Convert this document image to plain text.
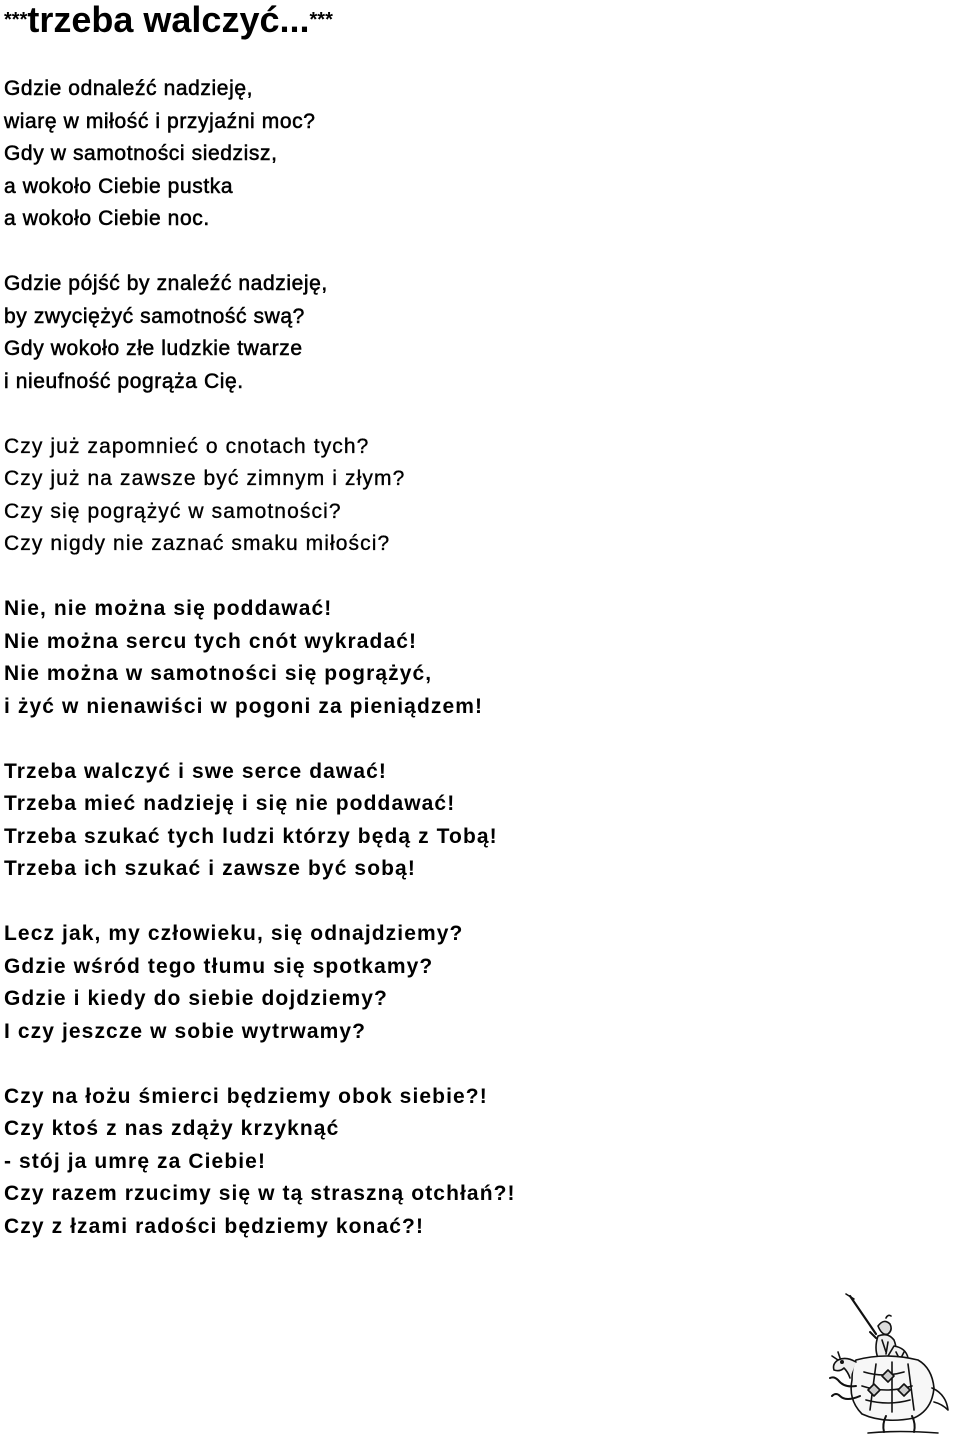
***trzeba walczyć...***
Gdzie odnaleźć nadzieję,
wiarę w miłość i przyjaźni moc?
Gdy w samotności siedzisz,
a wokoło Ciebie pustka
a wokoło Ciebie noc.
Gdzie pójść by znaleźć nadzieję,
by zwyciężyć samotność swą?
Gdy wokoło złe ludzkie twarze
i nieufność pogrąża Cię.
Czy już zapomnieć o cnotach tych?
Czy już na zawsze być zimnym i złym?
Czy się pogrążyć w samotności?
Czy nigdy nie zaznać smaku miłości?
Nie, nie można się poddawać!
Nie można sercu tych cnót wykradać!
Nie można w samotności się pogrążyć,
i żyć w nienawiści w pogoni za pieniądzem!
Trzeba walczyć i swe serce dawać!
Trzeba mieć nadzieję i się nie poddawać!
Trzeba szukać tych ludzi którzy będą z Tobą!
Trzeba ich szukać i zawsze być sobą!
Lecz jak, my człowieku, się odnajdziemy?
Gdzie wśród tego tłumu się spotkamy?
Gdzie i kiedy do siebie dojdziemy?
I czy jeszcze w sobie wytrwamy?
Czy na łożu śmierci będziemy obok siebie?!
Czy ktoś z nas zdąży krzyknąć
- stój ja umrę za Ciebie!
Czy razem rzucimy się w tą straszną otchłań?!
Czy z łzami radości będziemy konać?!
